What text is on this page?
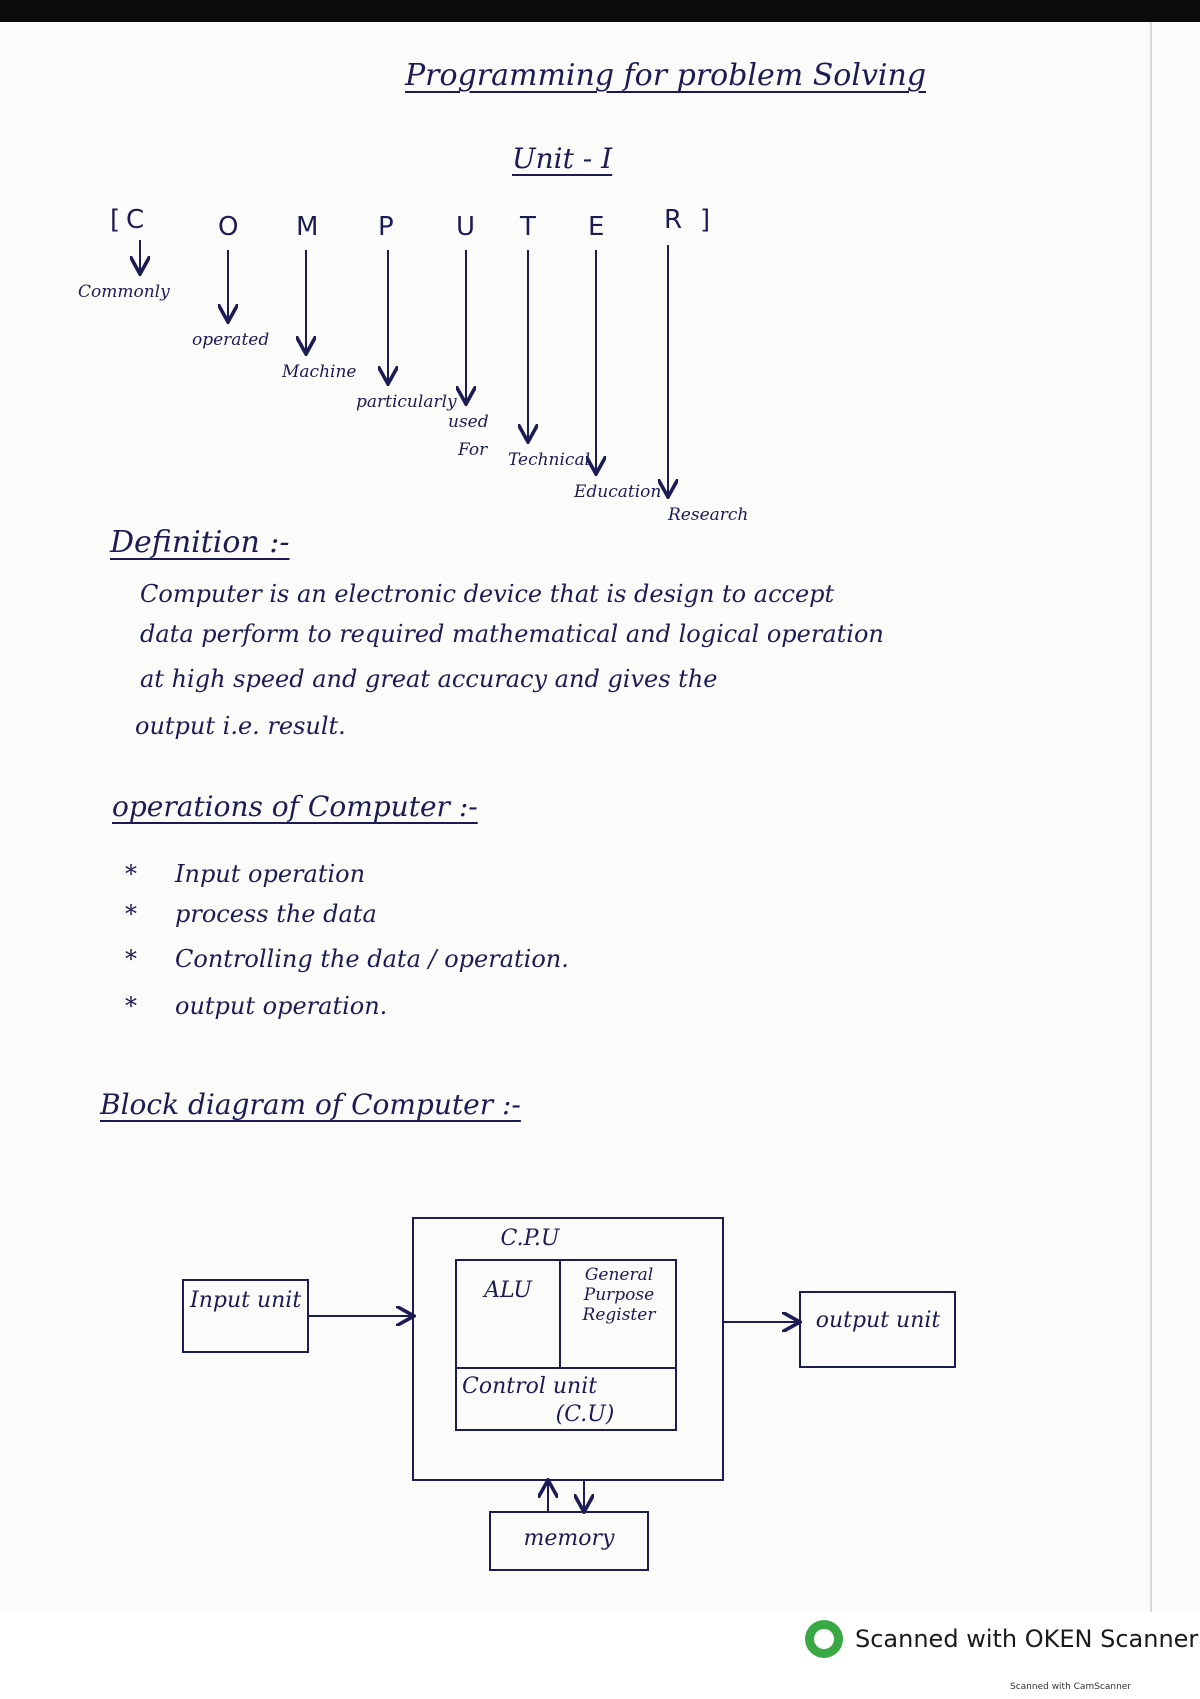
Programming for problem Solving
Unit - I
[ C	O M P U T E R ]
Commonly
operated
Machine
particularly
used
For Technical
Education
Research
Definition :-
Computer is an electronic device that is design to accept
data perform to required mathematical and logical operation
at high speed and great accuracy and gives the
output i.e. result.
operations of Computer :-
* Input operation
* process the data
* Controlling the data / operation.
* output operation.
Block diagram of Computer :-
Input unit
C.P.U
ALU
General Purpose Register
Control unit
(C.U)
output unit
memory
Scanned with OKEN Scanner
Scanned with CamScanner
